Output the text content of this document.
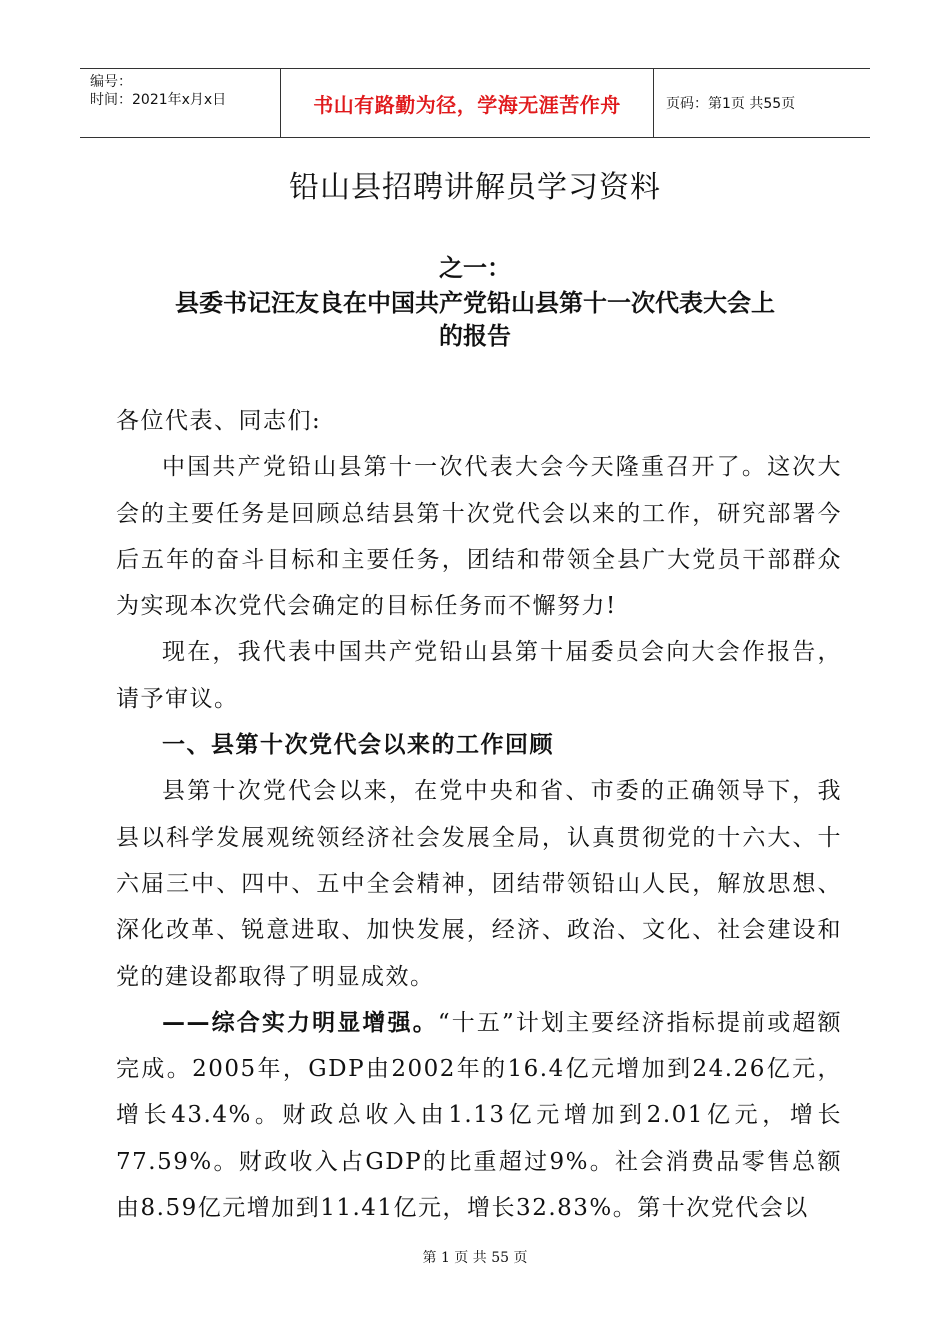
编号：
时间：2021年x月x日	书山有路勤为径，学海无涯苦作舟	页码：第1页 共55页
铅山县招聘讲解员学习资料
之一：
县委书记汪友良在中国共产党铅山县第十一次代表大会上
的报告

各位代表、同志们:

中国共产党铅山县第十一次代表大会今天隆重召开了。这次大会的主要任务是回顾总结县第十次党代会以来的工作，研究部署今后五年的奋斗目标和主要任务，团结和带领全县广大党员干部群众为实现本次党代会确定的目标任务而不懈努力!

现在，我代表中国共产党铅山县第十届委员会向大会作报告，请予审议。

一、县第十次党代会以来的工作回顾

县第十次党代会以来，在党中央和省、市委的正确领导下，我县以科学发展观统领经济社会发展全局，认真贯彻党的十六大、十六届三中、四中、五中全会精神，团结带领铅山人民，解放思想、深化改革、锐意进取、加快发展，经济、政治、文化、社会建设和党的建设都取得了明显成效。

——综合实力明显增强。“十五”计划主要经济指标提前或超额完成。2005年，GDP由2002年的16.4亿元增加到24.26亿元，增长43.4%。财政总收入由1.13亿元增加到2.01亿元，增长77.59%。财政收入占GDP的比重超过9%。社会消费品零售总额由8.59亿元增加到11.41亿元，增长32.83%。第十次党代会以

第 1 页 共 55 页
